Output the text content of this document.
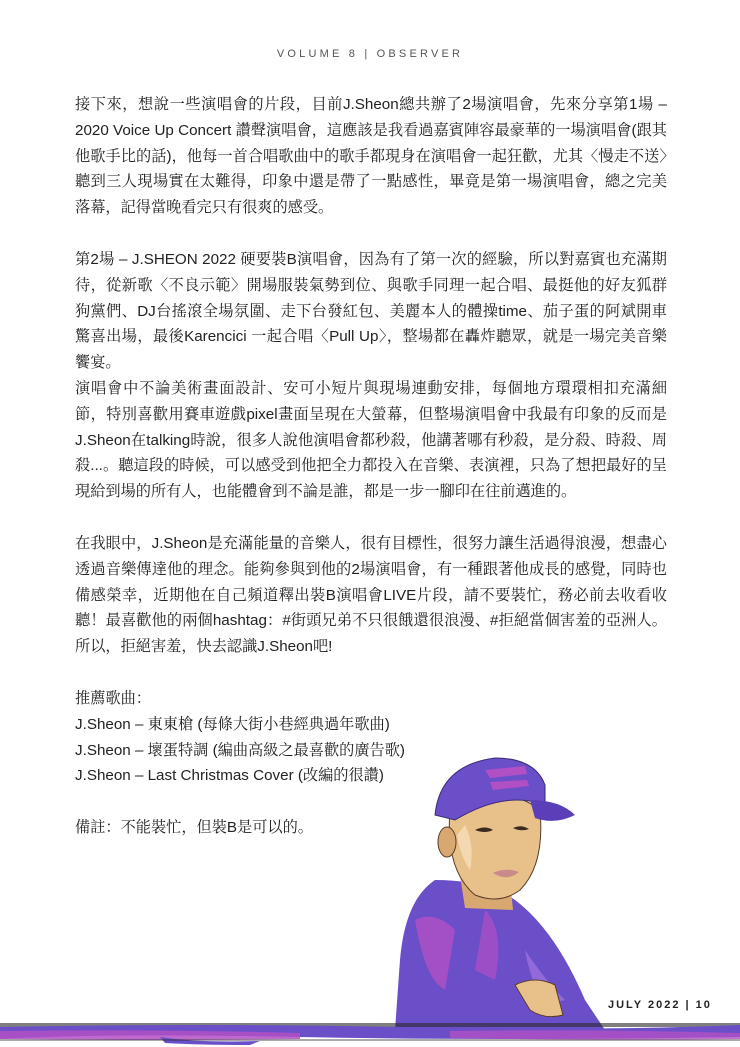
VOLUME 8 | OBSERVER

接下來，想說一些演唱會的片段，目前J.Sheon總共辦了2場演唱會，先來分享第1場 – 2020 Voice Up Concert 讚聲演唱會，這應該是我看過嘉賓陣容最豪華的一場演唱會(跟其他歌手比的話)，他每一首合唱歌曲中的歌手都現身在演唱會一起狂歡，尤其〈慢走不送〉聽到三人現場實在太難得，印象中還是帶了一點感性，畢竟是第一場演唱會，總之完美落幕，記得當晚看完只有很爽的感受。

第2場 – J.SHEON 2022 硬要裝B演唱會，因為有了第一次的經驗，所以對嘉賓也充滿期待，從新歌〈不良示範〉開場服裝氣勢到位、與歌手同理一起合唱、最挺他的好友狐群狗黨們、DJ台搖滾全場氛圍、走下台發紅包、美麗本人的體操time、茄子蛋的阿斌開車驚喜出場，最後Karencici 一起合唱〈Pull Up〉，整場都在轟炸聽眾，就是一場完美音樂饗宴。

演唱會中不論美術畫面設計、安可小短片與現場連動安排，每個地方環環相扣充滿細節，特別喜歡用賽車遊戲pixel畫面呈現在大螢幕，但整場演唱會中我最有印象的反而是J.Sheon在talking時說，很多人說他演唱會都秒殺，他講著哪有秒殺，是分殺、時殺、周殺...。聽這段的時候，可以感受到他把全力都投入在音樂、表演裡，只為了想把最好的呈現給到場的所有人，也能體會到不論是誰，都是一步一腳印在往前邁進的。

在我眼中，J.Sheon是充滿能量的音樂人，很有目標性，很努力讓生活過得浪漫，想盡心透過音樂傳達他的理念。能夠參與到他的2場演唱會，有一種跟著他成長的感覺，同時也備感榮幸，近期他在自己頻道釋出裝B演唱會LIVE片段，請不要裝忙，務必前去收看收聽！最喜歡他的兩個hashtag：#街頭兄弟不只很餓還很浪漫、#拒絕當個害羞的亞洲人。所以，拒絕害羞，快去認識J.Sheon吧!

推薦歌曲：

J.Sheon – 東東槍 (每條大街小巷經典過年歌曲)
J.Sheon – 壞蛋特調 (編曲高級之最喜歡的廣告歌)
J.Sheon – Last Christmas Cover (改編的很讚)

備註：不能裝忙，但裝B是可以的。

JULY 2022 | 10
